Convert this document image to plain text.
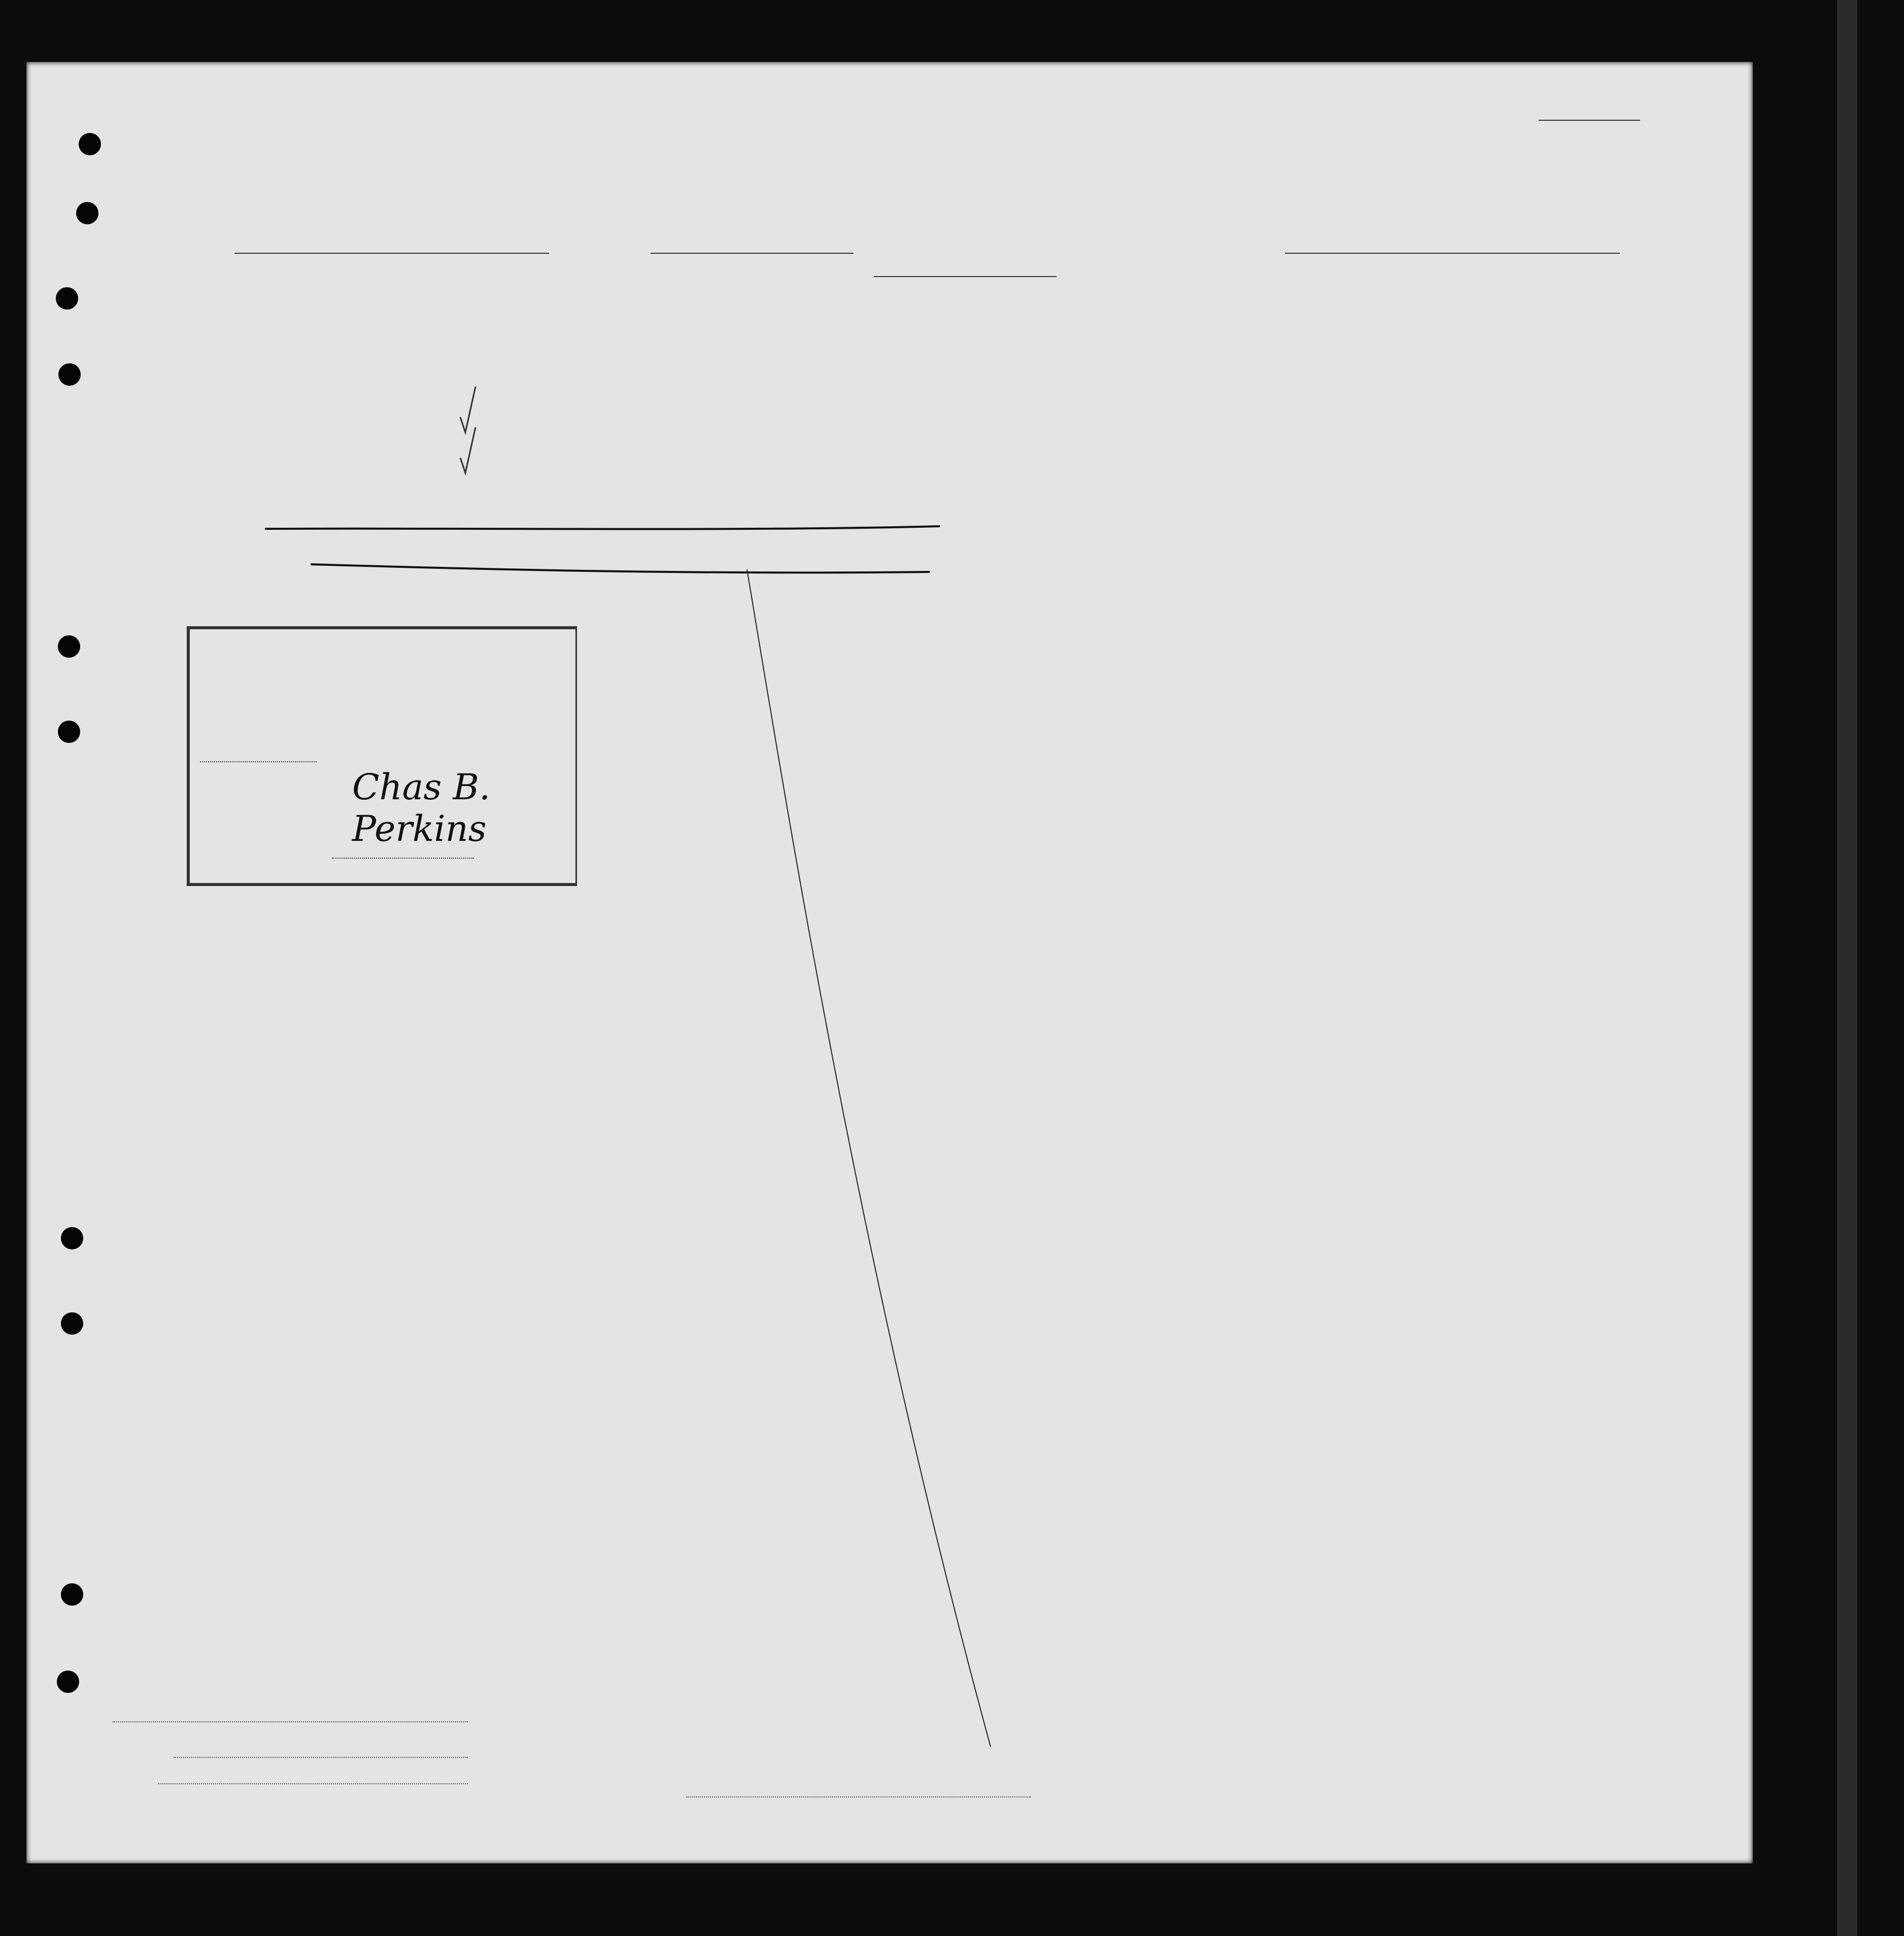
Chas B. Perkins
